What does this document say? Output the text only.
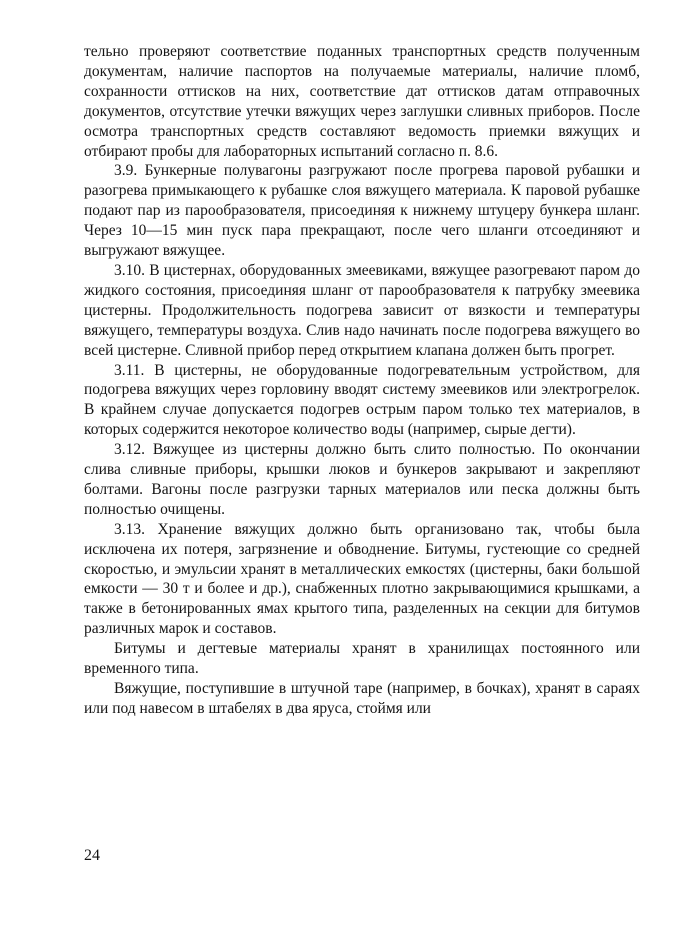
тельно проверяют соответствие поданных транспортных средств полученным документам, наличие паспортов на получаемые материалы, наличие пломб, сохранности оттисков на них, соответствие дат оттисков датам отправочных документов, отсутствие утечки вяжущих через заглушки сливных приборов. После осмотра транспортных средств составляют ведомость приемки вяжущих и отбирают пробы для лабораторных испытаний согласно п. 8.6.

3.9. Бункерные полувагоны разгружают после прогрева паровой рубашки и разогрева примыкающего к рубашке слоя вяжущего материала. К паровой рубашке подают пар из парообразователя, присоединяя к нижнему штуцеру бункера шланг. Через 10—15 мин пуск пара прекращают, после чего шланги отсоединяют и выгружают вяжущее.

3.10. В цистернах, оборудованных змеевиками, вяжущее разогревают паром до жидкого состояния, присоединяя шланг от парообразователя к патрубку змеевика цистерны. Продолжительность подогрева зависит от вязкости и температуры вяжущего, температуры воздуха. Слив надо начинать после подогрева вяжущего во всей цистерне. Сливной прибор перед открытием клапана должен быть прогрет.

3.11. В цистерны, не оборудованные подогревательным устройством, для подогрева вяжущих через горловину вводят систему змеевиков или электрогрелок. В крайнем случае допускается подогрев острым паром только тех материалов, в которых содержится некоторое количество воды (например, сырые дегти).

3.12. Вяжущее из цистерны должно быть слито полностью. По окончании слива сливные приборы, крышки люков и бункеров закрывают и закрепляют болтами. Вагоны после разгрузки тарных материалов или песка должны быть полностью очищены.

3.13. Хранение вяжущих должно быть организовано так, чтобы была исключена их потеря, загрязнение и обводнение. Битумы, густеющие со средней скоростью, и эмульсии хранят в металлических емкостях (цистерны, баки большой емкости — 30 т и более и др.), снабженных плотно закрывающимися крышками, а также в бетонированных ямах крытого типа, разделенных на секции для битумов различных марок и составов.

Битумы и дегтевые материалы хранят в хранилищах постоянного или временного типа.

Вяжущие, поступившие в штучной таре (например, в бочках), хранят в сараях или под навесом в штабелях в два яруса, стоймя или

24
